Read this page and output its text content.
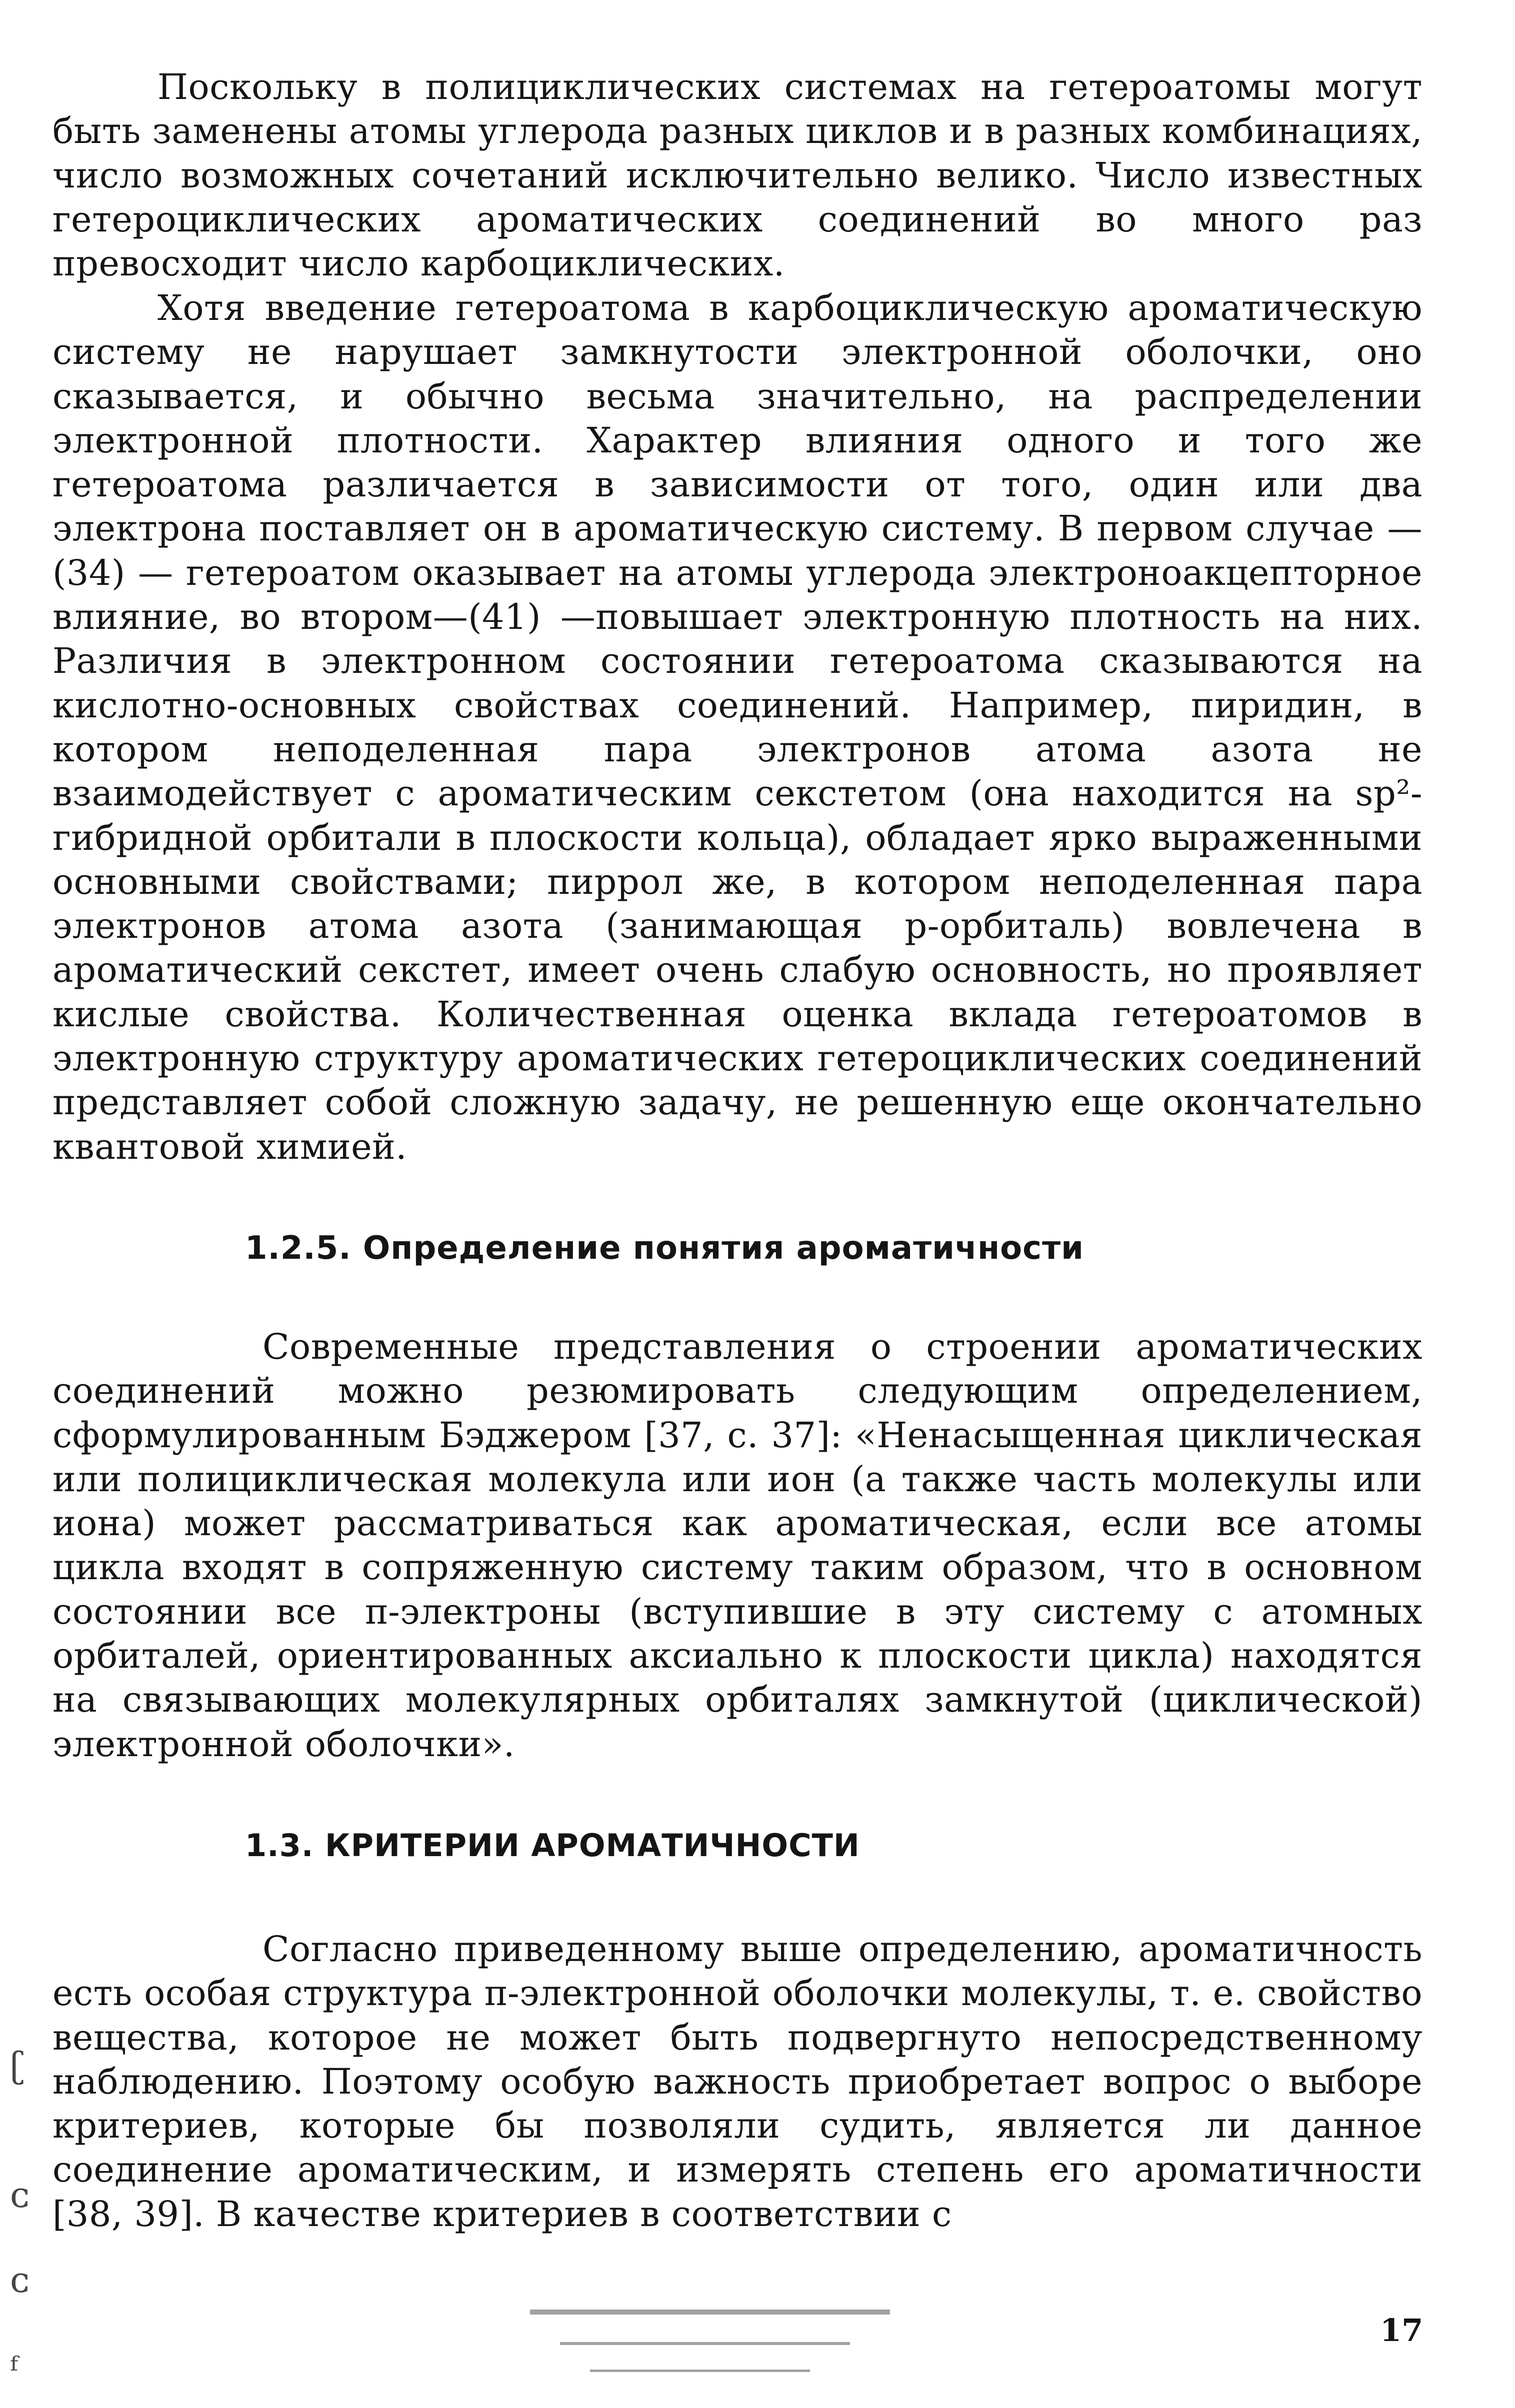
Поскольку в полициклических системах на гетероатомы могут быть заменены атомы углерода разных циклов и в разных комбинациях, число возможных сочетаний исключительно велико. Число известных гетероциклических ароматических соединений во много раз превосходит число карбоциклических.

Хотя введение гетероатома в карбоциклическую ароматическую систему не нарушает замкнутости электронной оболочки, оно сказывается, и обычно весьма значительно, на распределении электронной плотности. Характер влияния одного и того же гетероатома различается в зависимости от того, один или два электрона поставляет он в ароматическую систему. В первом случае — (34) — гетероатом оказывает на атомы углерода электроноакцепторное влияние, во втором—(41) —повышает электронную плотность на них. Различия в электронном состоянии гетероатома сказываются на кислотно-основных свойствах соединений. Например, пиридин, в котором неподеленная пара электронов атома азота не взаимодействует с ароматическим секстетом (она находится на sp²-гибридной орбитали в плоскости кольца), обладает ярко выраженными основными свойствами; пиррол же, в котором неподеленная пара электронов атома азота (занимающая p-орбиталь) вовлечена в ароматический секстет, имеет очень слабую основность, но проявляет кислые свойства. Количественная оценка вклада гетероатомов в электронную структуру ароматических гетероциклических соединений представляет собой сложную задачу, не решенную еще окончательно квантовой химией.

1.2.5. Определение понятия ароматичности

Современные представления о строении ароматических соединений можно резюмировать следующим определением, сформулированным Бэджером [37, с. 37]: «Ненасыщенная циклическая или полициклическая молекула или ион (а также часть молекулы или иона) может рассматриваться как ароматическая, если все атомы цикла входят в сопряженную систему таким образом, что в основном состоянии все π-электроны (вступившие в эту систему с атомных орбиталей, ориентированных аксиально к плоскости цикла) находятся на связывающих молекулярных орбиталях замкнутой (циклической) электронной оболочки».

1.3. КРИТЕРИИ АРОМАТИЧНОСТИ

Согласно приведенному выше определению, ароматичность есть особая структура π-электронной оболочки молекулы, т. е. свойство вещества, которое не может быть подвергнуто непосредственному наблюдению. Поэтому особую важность приобретает вопрос о выборе критериев, которые бы позволяли судить, является ли данное соединение ароматическим, и измерять степень его ароматичности [38, 39]. В качестве критериев в соответствии с

17
ʗ
ᴄ
ᴄ
ᶠ
